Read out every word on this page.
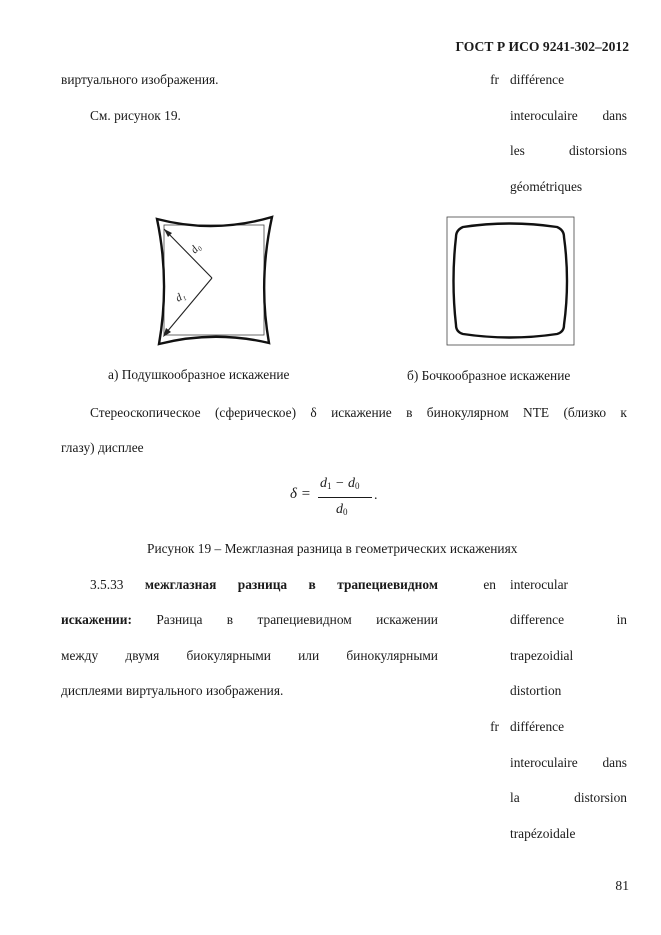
ГОСТ Р ИСО 9241-302–2012
виртуального изображения.
См. рисунок 19.
fr différence
interoculaire dans
les	distorsions
géométriques
d₀
d₁
а) Подушкообразное искажение	б) Бочкообразное искажение
Стереоскопическое (сферическое) δ искажение в бинокулярном NTE (близко к
глазу) дисплее
δ =
$d_1 - d_0$
$d_0$
.
Рисунок 19 – Межглазная разница в геометрических искажениях
3.5.33 межглазная разница в трапециевидном
искажении: Разница в трапециевидном искажении
между двумя биокулярными или бинокулярными
дисплеями виртуального изображения.
en interocular
difference	in
trapezoidial
distortion
fr différence
interoculaire dans
la	distorsion
trapézoidale
81
